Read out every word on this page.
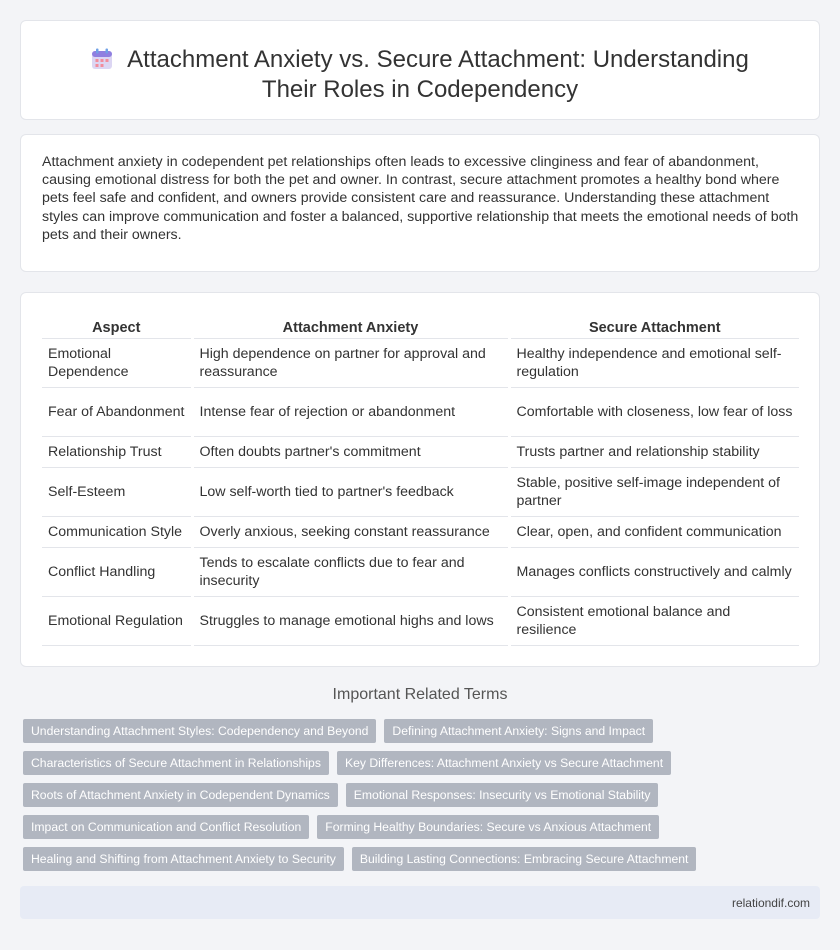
Attachment Anxiety vs. Secure Attachment: Understanding Their Roles in Codependency

Attachment anxiety in codependent pet relationships often leads to excessive clinginess and fear of abandonment, causing emotional distress for both the pet and owner. In contrast, secure attachment promotes a healthy bond where pets feel safe and confident, and owners provide consistent care and reassurance. Understanding these attachment styles can improve communication and foster a balanced, supportive relationship that meets the emotional needs of both pets and their owners.

Aspect	Attachment Anxiety	Secure Attachment
Emotional Dependence	High dependence on partner for approval and reassurance	Healthy independence and emotional self-regulation
Fear of Abandonment	Intense fear of rejection or abandonment	Comfortable with closeness, low fear of loss
Relationship Trust	Often doubts partner's commitment	Trusts partner and relationship stability
Self-Esteem	Low self-worth tied to partner's feedback	Stable, positive self-image independent of partner
Communication Style	Overly anxious, seeking constant reassurance	Clear, open, and confident communication
Conflict Handling	Tends to escalate conflicts due to fear and insecurity	Manages conflicts constructively and calmly
Emotional Regulation	Struggles to manage emotional highs and lows	Consistent emotional balance and resilience
Important Related Terms
Understanding Attachment Styles: Codependency and Beyond	Defining Attachment Anxiety: Signs and Impact
Characteristics of Secure Attachment in Relationships	Key Differences: Attachment Anxiety vs Secure Attachment
Roots of Attachment Anxiety in Codependent Dynamics	Emotional Responses: Insecurity vs Emotional Stability
Impact on Communication and Conflict Resolution	Forming Healthy Boundaries: Secure vs Anxious Attachment
Healing and Shifting from Attachment Anxiety to Security	Building Lasting Connections: Embracing Secure Attachment
relationdif.com
